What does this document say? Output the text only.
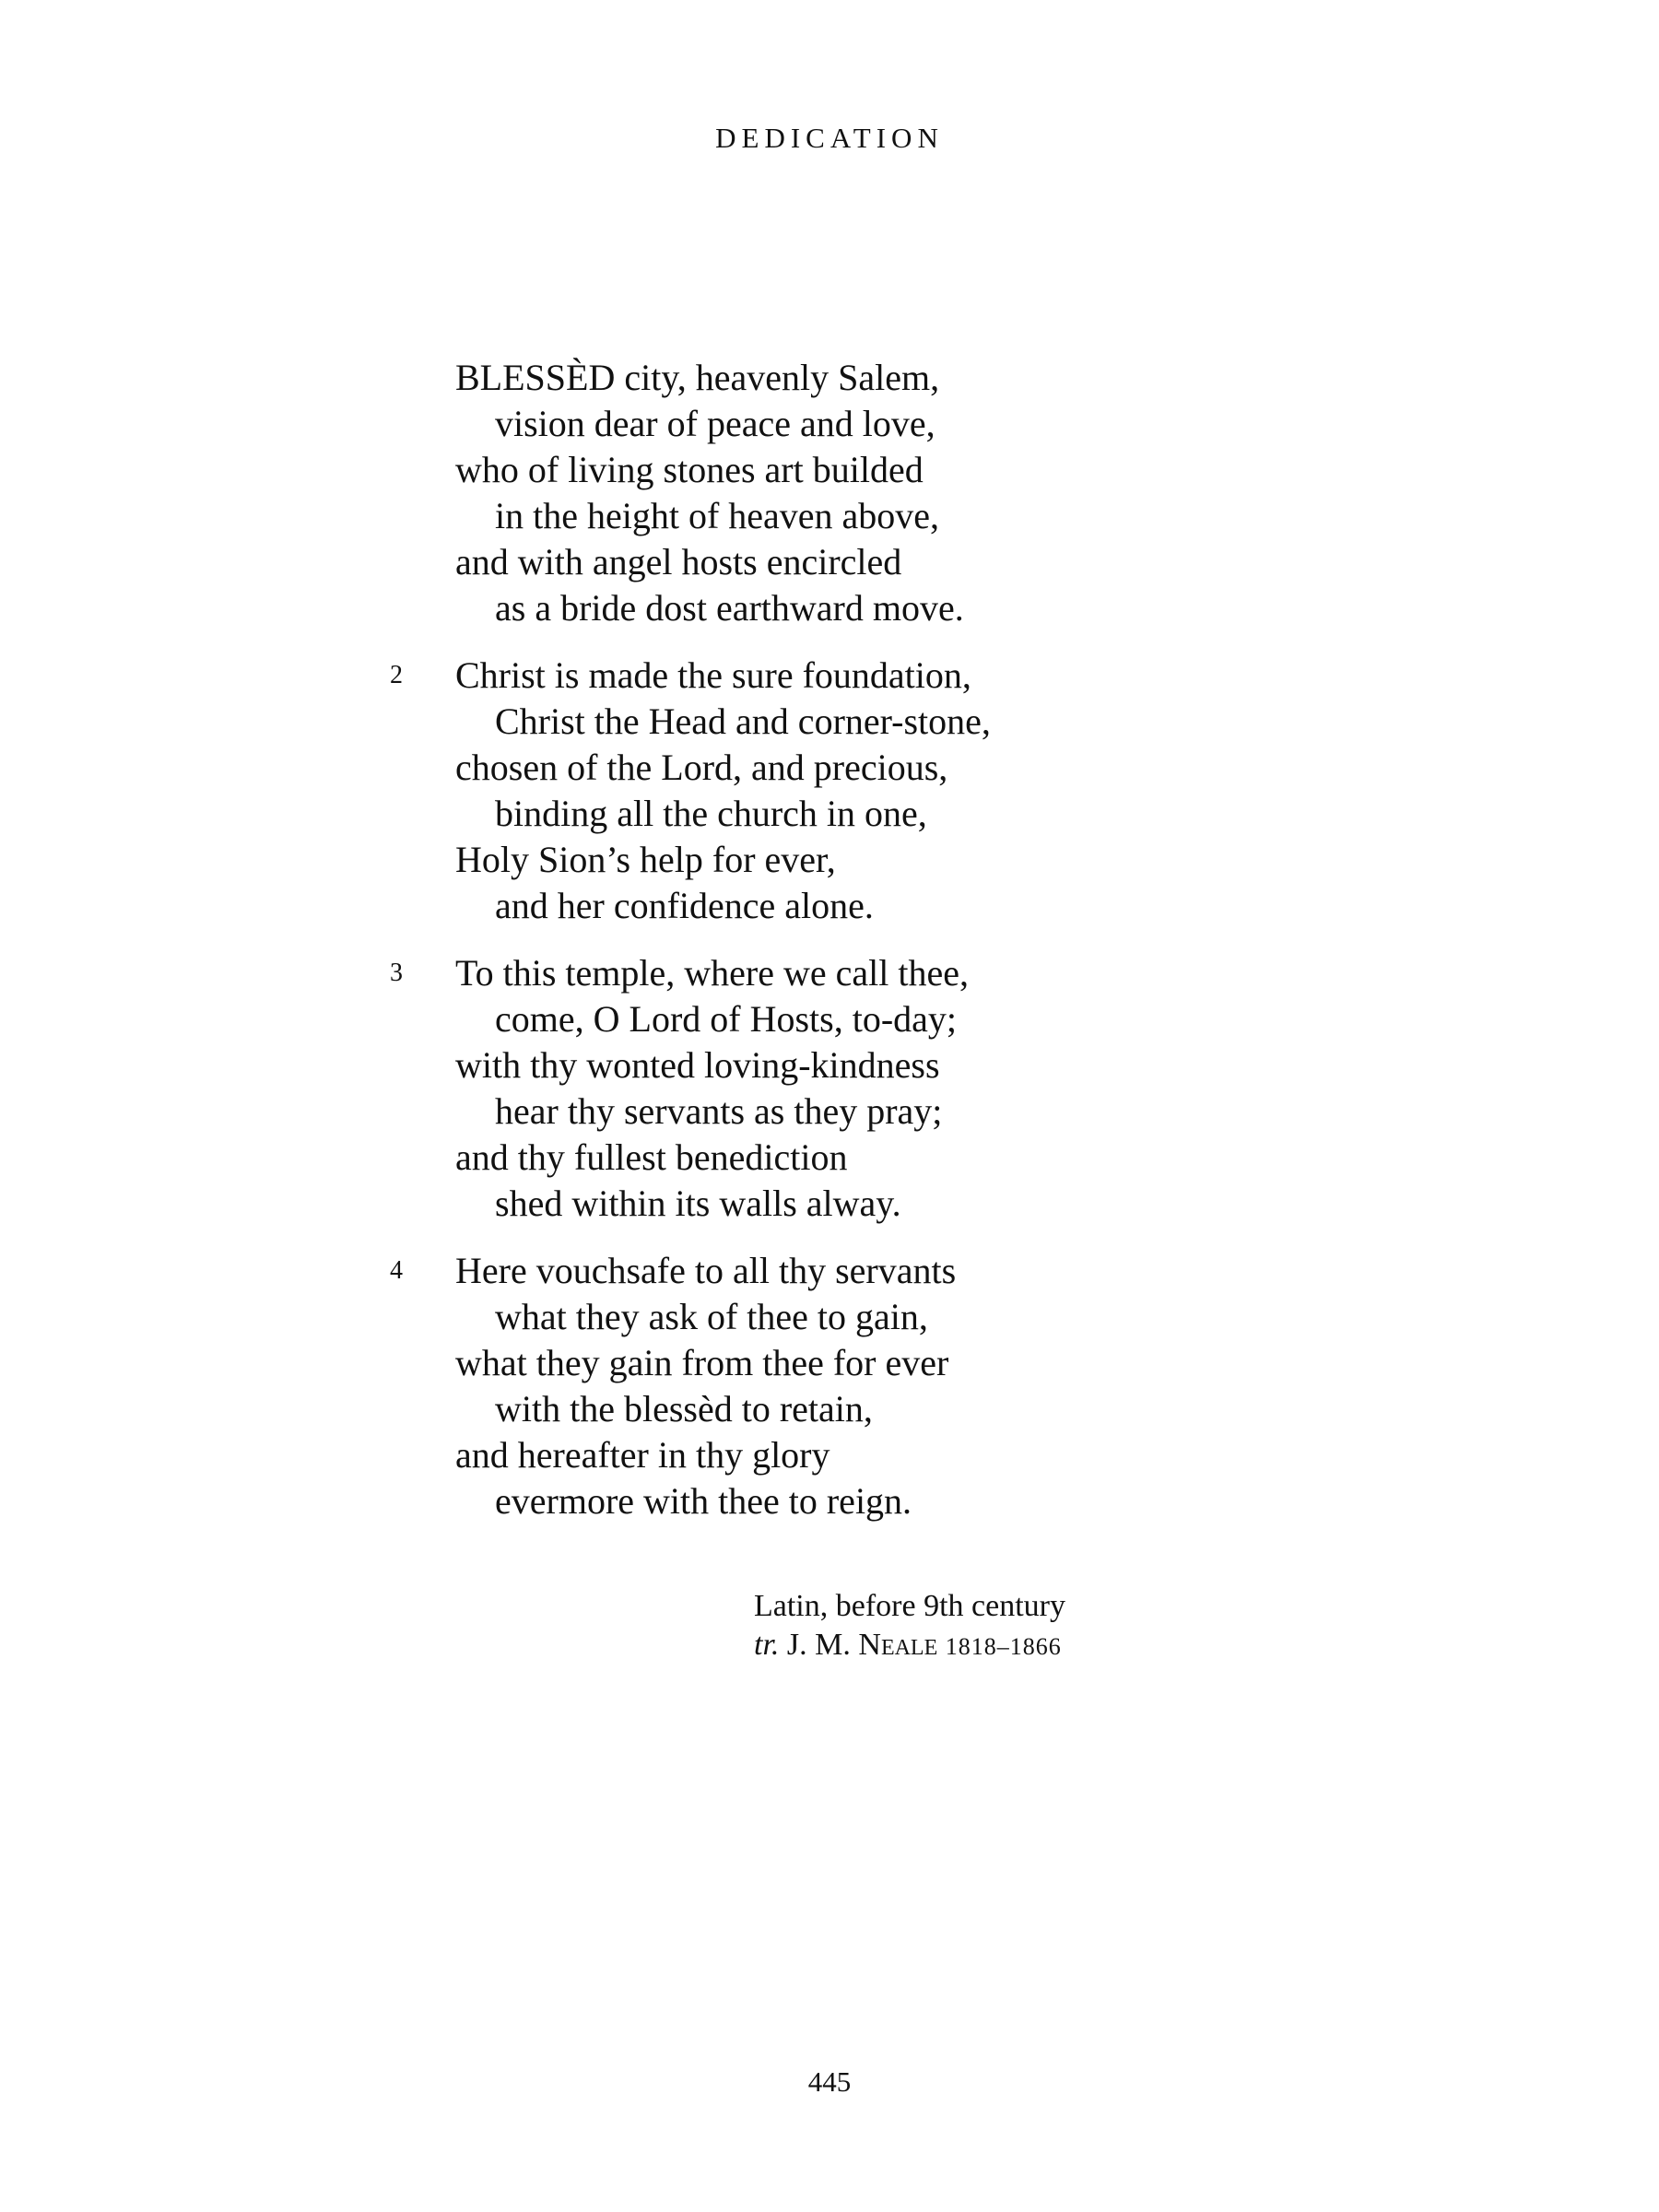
DEDICATION
BLESSÈD city, heavenly Salem,
vision dear of peace and love,
who of living stones art builded
in the height of heaven above,
and with angel hosts encircled
as a bride dost earthward move.
2	Christ is made the sure foundation,
Christ the Head and corner-stone,
chosen of the Lord, and precious,
binding all the church in one,
Holy Sion’s help for ever,
and her confidence alone.
3	To this temple, where we call thee,
come, O Lord of Hosts, to-day;
with thy wonted loving-kindness
hear thy servants as they pray;
and thy fullest benediction
shed within its walls alway.
4	Here vouchsafe to all thy servants
what they ask of thee to gain,
what they gain from thee for ever
with the blessèd to retain,
and hereafter in thy glory
evermore with thee to reign.
Latin, before 9th century
tr. J. M. Neale 1818–1866
445
